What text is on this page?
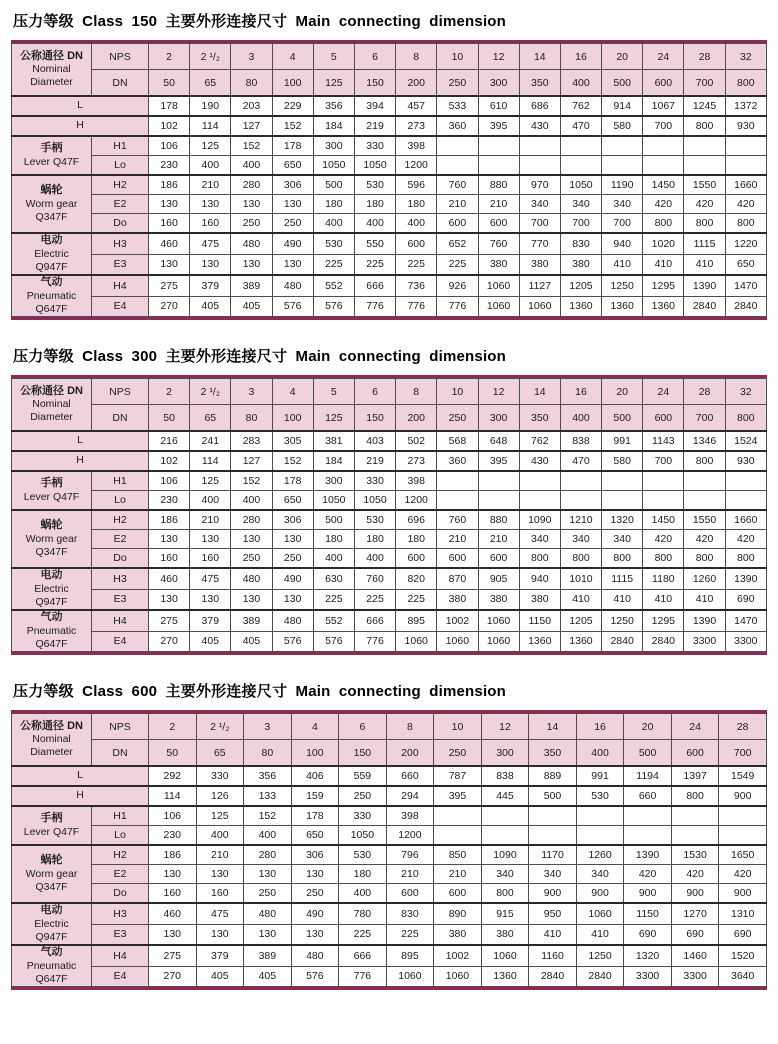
压力等级 Class 150 主要外形连接尺寸 Main connecting dimension
公称通径 DN
Nominal
Diameter	NPS	2	2 ¹/₂	3	4	5	6	8	10	12	14	16	20	24	28	32
	DN	50	65	80	100	125	150	200	250	300	350	400	500	600	700	800

L		178	190	203	229	356	394	457	533	610	686	762	914	1067	1245	1372

H		102	114	127	152	184	219	273	360	395	430	470	580	700	800	930

手柄
Lever Q47F	H1	106	125	152	178	300	330	398								
	Lo	230	400	400	650	1050	1050	1200								

蜗轮
Worm gear
Q347F	H2	186	210	280	306	500	530	596	760	880	970	1050	1190	1450	1550	1660
	E2	130	130	130	130	180	180	180	210	210	340	340	340	420	420	420
	Do	160	160	250	250	400	400	400	600	600	700	700	700	800	800	800

电动
Electric
Q947F	H3	460	475	480	490	530	550	600	652	760	770	830	940	1020	1115	1220
	E3	130	130	130	130	225	225	225	225	380	380	380	410	410	410	650

气动
Pneumatic
Q647F	H4	275	379	389	480	552	666	736	926	1060	1127	1205	1250	1295	1390	1470
	E4	270	405	405	576	576	776	776	776	1060	1060	1360	1360	1360	2840	2840
压力等级 Class 300 主要外形连接尺寸 Main connecting dimension
公称通径 DN
Nominal
Diameter	NPS	2	2 ¹/₂	3	4	5	6	8	10	12	14	16	20	24	28	32
	DN	50	65	80	100	125	150	200	250	300	350	400	500	600	700	800

L		216	241	283	305	381	403	502	568	648	762	838	991	1143	1346	1524

H		102	114	127	152	184	219	273	360	395	430	470	580	700	800	930

手柄
Lever Q47F	H1	106	125	152	178	300	330	398								
	Lo	230	400	400	650	1050	1050	1200								

蜗轮
Worm gear
Q347F	H2	186	210	280	306	500	530	696	760	880	1090	1210	1320	1450	1550	1660
	E2	130	130	130	130	180	180	180	210	210	340	340	340	420	420	420
	Do	160	160	250	250	400	400	600	600	600	800	800	800	800	800	800

电动
Electric
Q947F	H3	460	475	480	490	630	760	820	870	905	940	1010	1115	1180	1260	1390
	E3	130	130	130	130	225	225	225	380	380	380	410	410	410	410	690

气动
Pneumatic
Q647F	H4	275	379	389	480	552	666	895	1002	1060	1150	1205	1250	1295	1390	1470
	E4	270	405	405	576	576	776	1060	1060	1060	1360	1360	2840	2840	3300	3300
压力等级 Class 600 主要外形连接尺寸 Main connecting dimension
公称通径 DN
Nominal
Diameter	NPS	2	2 ¹/₂	3	4	6	8	10	12	14	16	20	24	28
	DN	50	65	80	100	150	200	250	300	350	400	500	600	700

L		292	330	356	406	559	660	787	838	889	991	1194	1397	1549

H		114	126	133	159	250	294	395	445	500	530	660	800	900

手柄
Lever Q47F	H1	106	125	152	178	330	398							
	Lo	230	400	400	650	1050	1200							

蜗轮
Worm gear
Q347F	H2	186	210	280	306	530	796	850	1090	1170	1260	1390	1530	1650
	E2	130	130	130	130	180	210	210	340	340	340	420	420	420
	Do	160	160	250	250	400	600	600	800	900	900	900	900	900

电动
Electric
Q947F	H3	460	475	480	490	780	830	890	915	950	1060	1150	1270	1310
	E3	130	130	130	130	225	225	380	380	410	410	690	690	690

气动
Pneumatic
Q647F	H4	275	379	389	480	666	895	1002	1060	1160	1250	1320	1460	1520
	E4	270	405	405	576	776	1060	1060	1360	2840	2840	3300	3300	3640
